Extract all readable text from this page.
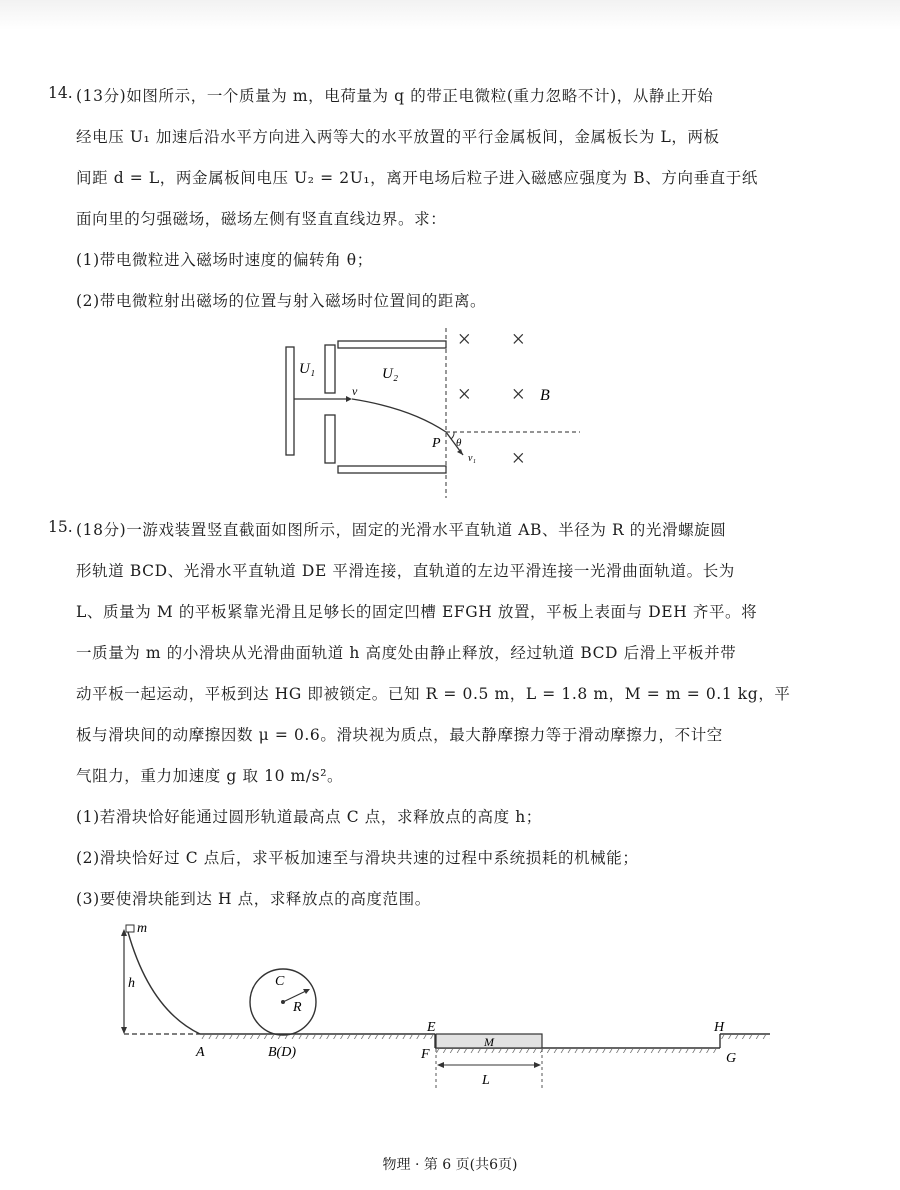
14. (13分)如图所示，一个质量为 m，电荷量为 q 的带正电微粒(重力忽略不计)，从静止开始
经电压 U₁ 加速后沿水平方向进入两等大的水平放置的平行金属板间，金属板长为 L，两板
间距 d = L，两金属板间电压 U₂ = 2U₁，离开电场后粒子进入磁感应强度为 B、方向垂直于纸
面向里的匀强磁场，磁场左侧有竖直直线边界。求：
(1)带电微粒进入磁场时速度的偏转角 θ；
(2)带电微粒射出磁场的位置与射入磁场时位置间的距离。
U₁	U₂
v
P θ
v₁
B
× ×
× ×
×
15. (18分)一游戏装置竖直截面如图所示，固定的光滑水平直轨道 AB、半径为 R 的光滑螺旋圆
形轨道 BCD、光滑水平直轨道 DE 平滑连接，直轨道的左边平滑连接一光滑曲面轨道。长为
L、质量为 M 的平板紧靠光滑且足够长的固定凹槽 EFGH 放置，平板上表面与 DEH 齐平。将
一质量为 m 的小滑块从光滑曲面轨道 h 高度处由静止释放，经过轨道 BCD 后滑上平板并带
动平板一起运动，平板到达 HG 即被锁定。已知 R = 0.5 m，L = 1.8 m，M = m = 0.1 kg，平
板与滑块间的动摩擦因数 μ = 0.6。滑块视为质点，最大静摩擦力等于滑动摩擦力，不计空
气阻力，重力加速度 g 取 10 m/s²。
(1)若滑块恰好能通过圆形轨道最高点 C 点，求释放点的高度 h；
(2)滑块恰好过 C 点后，求平板加速至与滑块共速的过程中系统损耗的机械能；
(3)要使滑块能到达 H 点，求释放点的高度范围。
m
h	C
R
A	B(D)
E
F
M
L
H
G
物理 · 第 6 页(共6页)
